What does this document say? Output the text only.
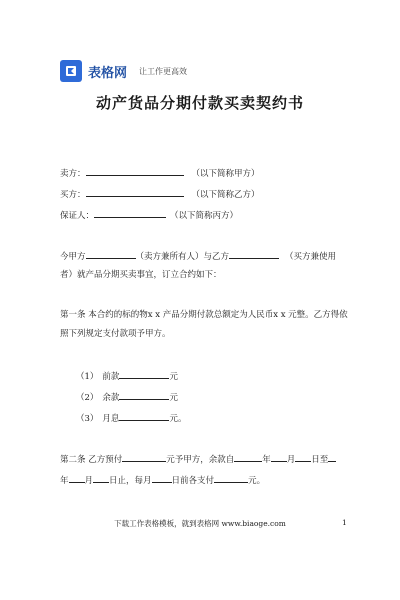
表格网 让工作更高效
动产货品分期付款买卖契约书
卖方：	（以下简称甲方）
买方：	（以下简称乙方）
保证人：	（以下简称丙方）
今甲方	（卖方兼所有人）与乙方	（买方兼使用
者）就产品分期买卖事宜，订立合约如下：
第一条 本合约的标的物x x 产品分期付款总额定为人民币x x 元整。乙方得依
照下列规定支付款项予甲方。
（1） 前款	元
（2） 余款	元
（3） 月息	元。
第二条 乙方预付	元予甲方，余款自	年 月 日至
年 月 日止，每月 日前各支付	元。
下载工作表格模板，就到表格网 www.biaoge.com	1
